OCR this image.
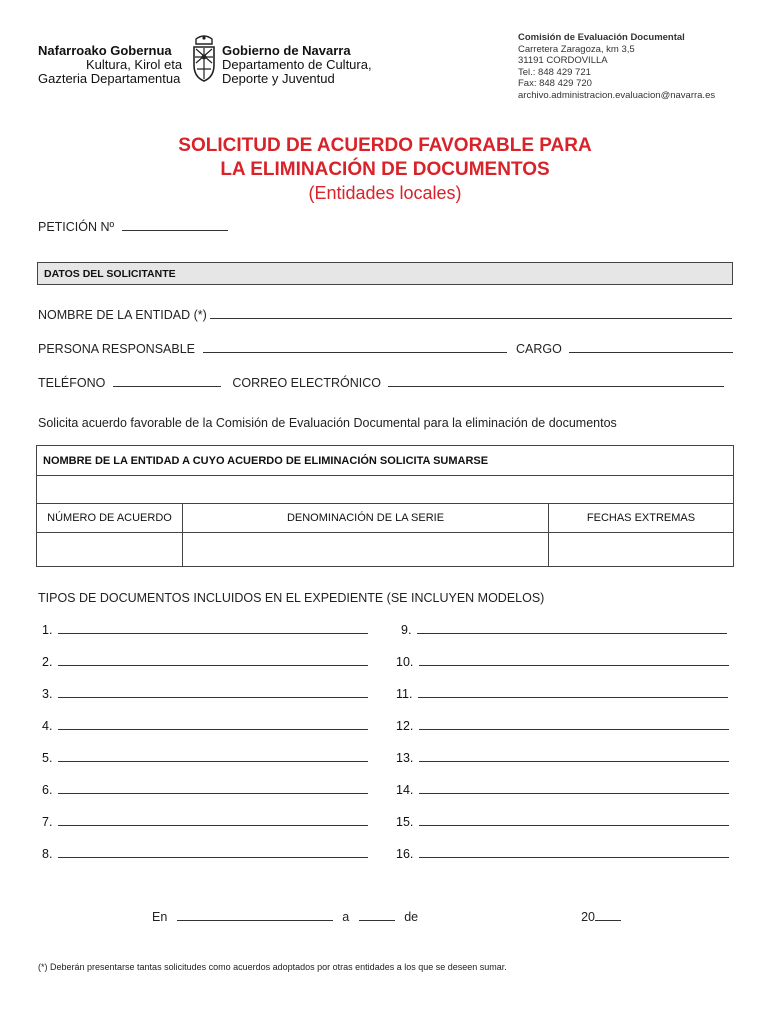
Nafarroako Gobernua
Kultura, Kirol eta
Gazteria Departamentua
Gobierno de Navarra
Departamento de Cultura,
Deporte y Juventud
Comisión de Evaluación Documental
Carretera Zaragoza, km 3,5
31191 CORDOVILLA
Tel.: 848 429 721
Fax: 848 429 720
archivo.administracion.evaluacion@navarra.es
SOLICITUD DE ACUERDO FAVORABLE PARA
LA ELIMINACIÓN DE DOCUMENTOS
(Entidades locales)
PETICIÓN Nº
DATOS DEL SOLICITANTE
NOMBRE DE LA ENTIDAD (*)
PERSONA RESPONSABLE	CARGO
TELÉFONO	CORREO ELECTRÓNICO
Solicita acuerdo favorable de la Comisión de Evaluación Documental para la eliminación de documentos
NOMBRE DE LA ENTIDAD A CUYO ACUERDO DE ELIMINACIÓN SOLICITA SUMARSE		

NÚMERO DE ACUERDO	DENOMINACIÓN DE LA SERIE	FECHAS EXTREMAS

TIPOS DE DOCUMENTOS INCLUIDOS EN EL EXPEDIENTE (SE INCLUYEN MODELOS)
1.
2.
3.
4.
5.
6.
7.
8.
9.
10.
11.
12.
13.
14.
15.
16.
En	a	de	20
(*) Deberán presentarse tantas solicitudes como acuerdos adoptados por otras entidades a los que se deseen sumar.
